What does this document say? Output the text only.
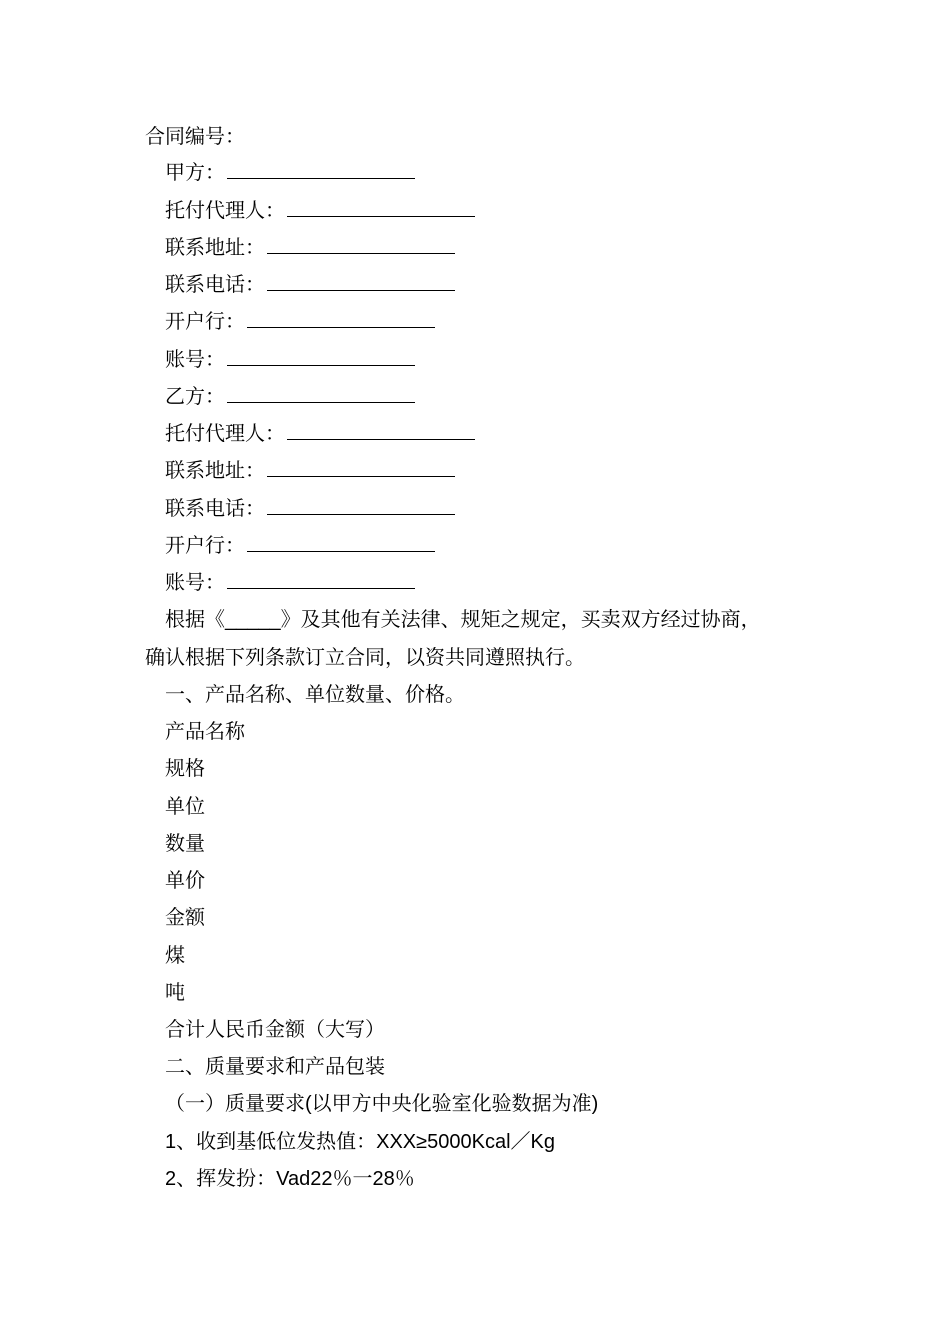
合同编号：
甲方：
托付代理人：
联系地址：
联系电话：
开户行：
账号：
乙方：
托付代理人：
联系地址：
联系电话：
开户行：
账号：
根据《_____》及其他有关法律、规矩之规定，买卖双方经过协商，
确认根据下列条款订立合同，以资共同遵照执行。
一、产品名称、单位数量、价格。
产品名称
规格
单位
数量
单价
金额
煤
吨
合计人民币金额（大写）
二、质量要求和产品包装
（一）质量要求(以甲方中央化验室化验数据为准)
1、收到基低位发热值：XXX≥5000Kcal／Kg
2、挥发扮：Vad22％一28％
